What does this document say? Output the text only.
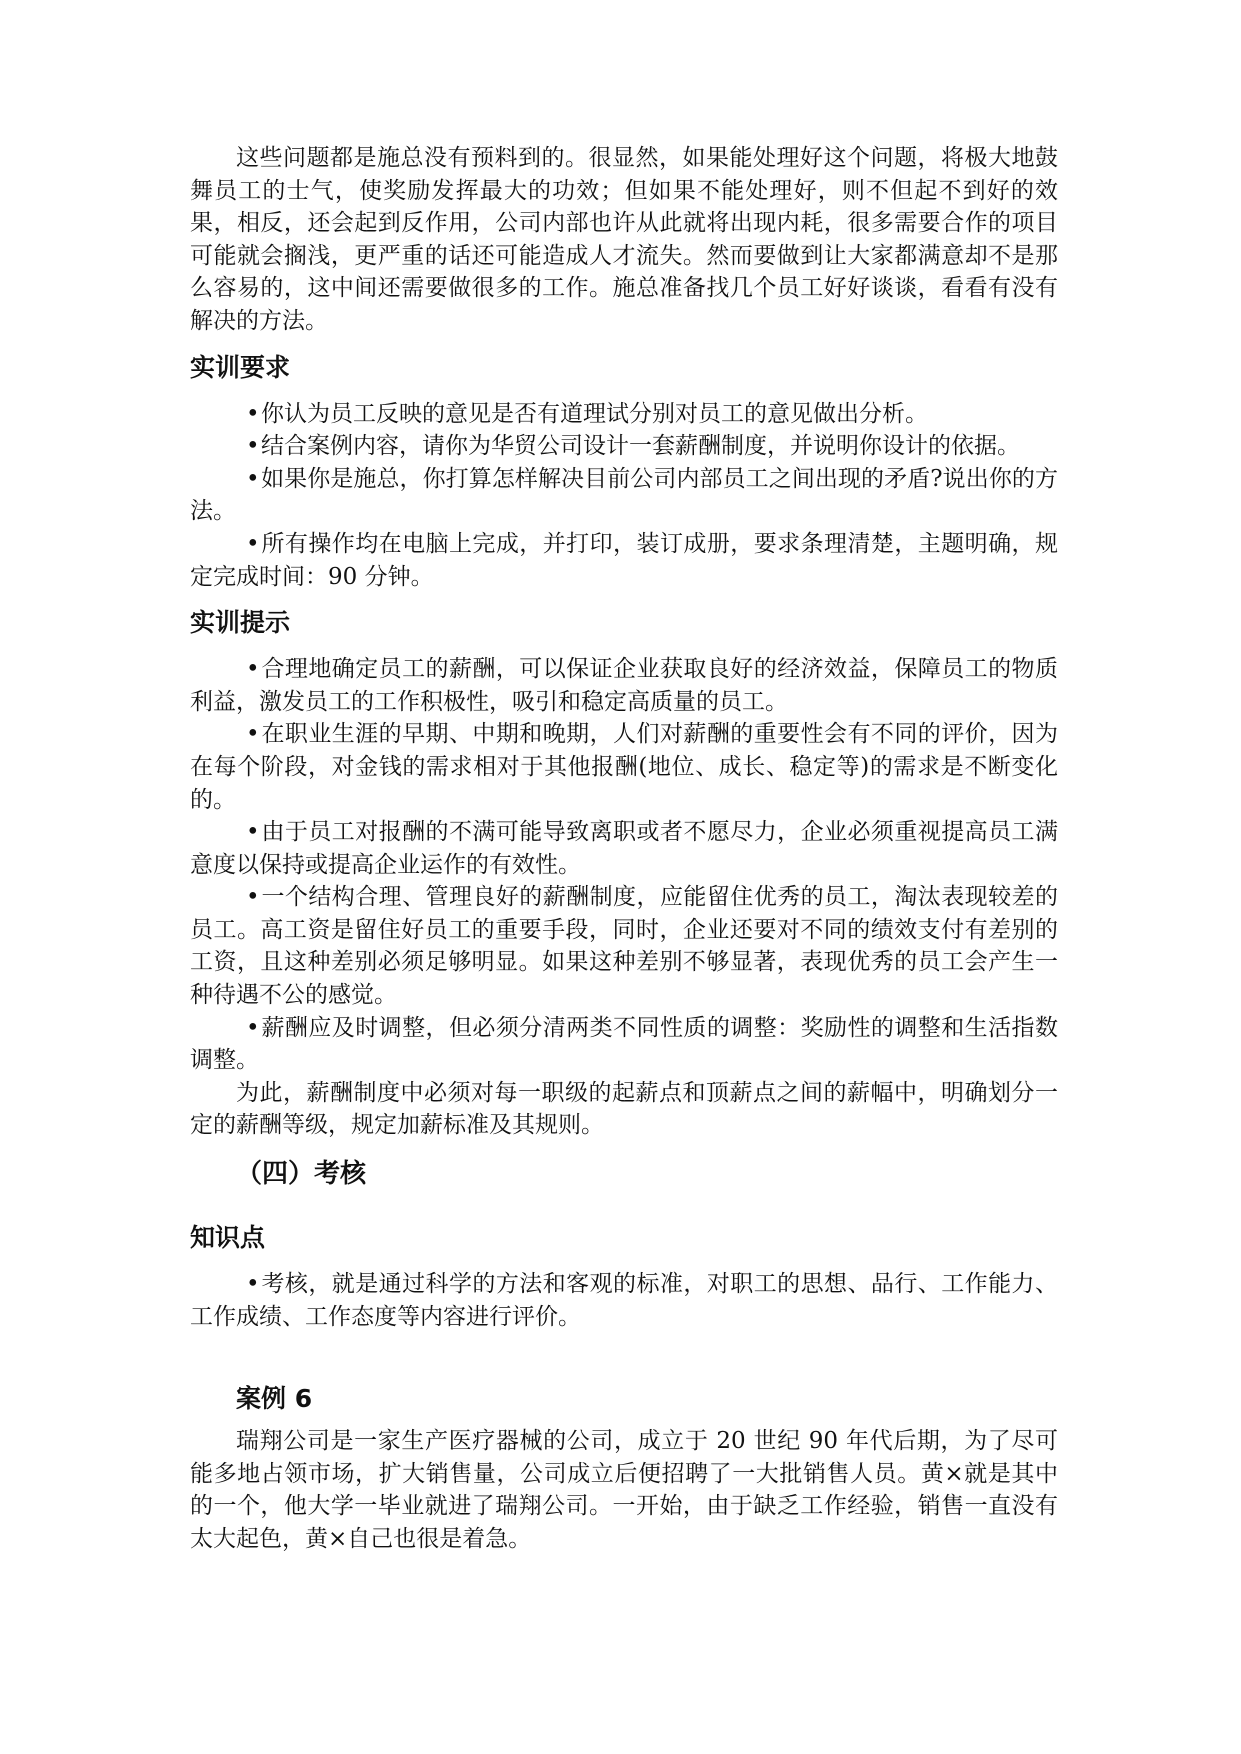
这些问题都是施总没有预料到的。很显然，如果能处理好这个问题，将极大地鼓舞员工的士气，使奖励发挥最大的功效；但如果不能处理好，则不但起不到好的效果，相反，还会起到反作用，公司内部也许从此就将出现内耗，很多需要合作的项目可能就会搁浅，更严重的话还可能造成人才流失。然而要做到让大家都满意却不是那么容易的，这中间还需要做很多的工作。施总准备找几个员工好好谈谈，看看有没有解决的方法。

实训要求

•你认为员工反映的意见是否有道理试分别对员工的意见做出分析。

•结合案例内容，请你为华贸公司设计一套薪酬制度，并说明你设计的依据。

•如果你是施总，你打算怎样解决目前公司内部员工之间出现的矛盾?说出你的方法。

•所有操作均在电脑上完成，并打印，装订成册，要求条理清楚，主题明确，规定完成时间：90 分钟。

实训提示

•合理地确定员工的薪酬，可以保证企业获取良好的经济效益，保障员工的物质利益，激发员工的工作积极性，吸引和稳定高质量的员工。

•在职业生涯的早期、中期和晚期，人们对薪酬的重要性会有不同的评价，因为在每个阶段，对金钱的需求相对于其他报酬(地位、成长、稳定等)的需求是不断变化的。

•由于员工对报酬的不满可能导致离职或者不愿尽力，企业必须重视提高员工满意度以保持或提高企业运作的有效性。

•一个结构合理、管理良好的薪酬制度，应能留住优秀的员工，淘汰表现较差的员工。高工资是留住好员工的重要手段，同时，企业还要对不同的绩效支付有差别的工资，且这种差别必须足够明显。如果这种差别不够显著，表现优秀的员工会产生一种待遇不公的感觉。

•薪酬应及时调整，但必须分清两类不同性质的调整：奖励性的调整和生活指数调整。

为此，薪酬制度中必须对每一职级的起薪点和顶薪点之间的薪幅中，明确划分一定的薪酬等级，规定加薪标准及其规则。

（四）考核
知识点

•考核，就是通过科学的方法和客观的标准，对职工的思想、品行、工作能力、工作成绩、工作态度等内容进行评价。

案例 6

瑞翔公司是一家生产医疗器械的公司，成立于 20 世纪 90 年代后期，为了尽可能多地占领市场，扩大销售量，公司成立后便招聘了一大批销售人员。黄×就是其中的一个，他大学一毕业就进了瑞翔公司。一开始，由于缺乏工作经验，销售一直没有太大起色，黄×自己也很是着急。
